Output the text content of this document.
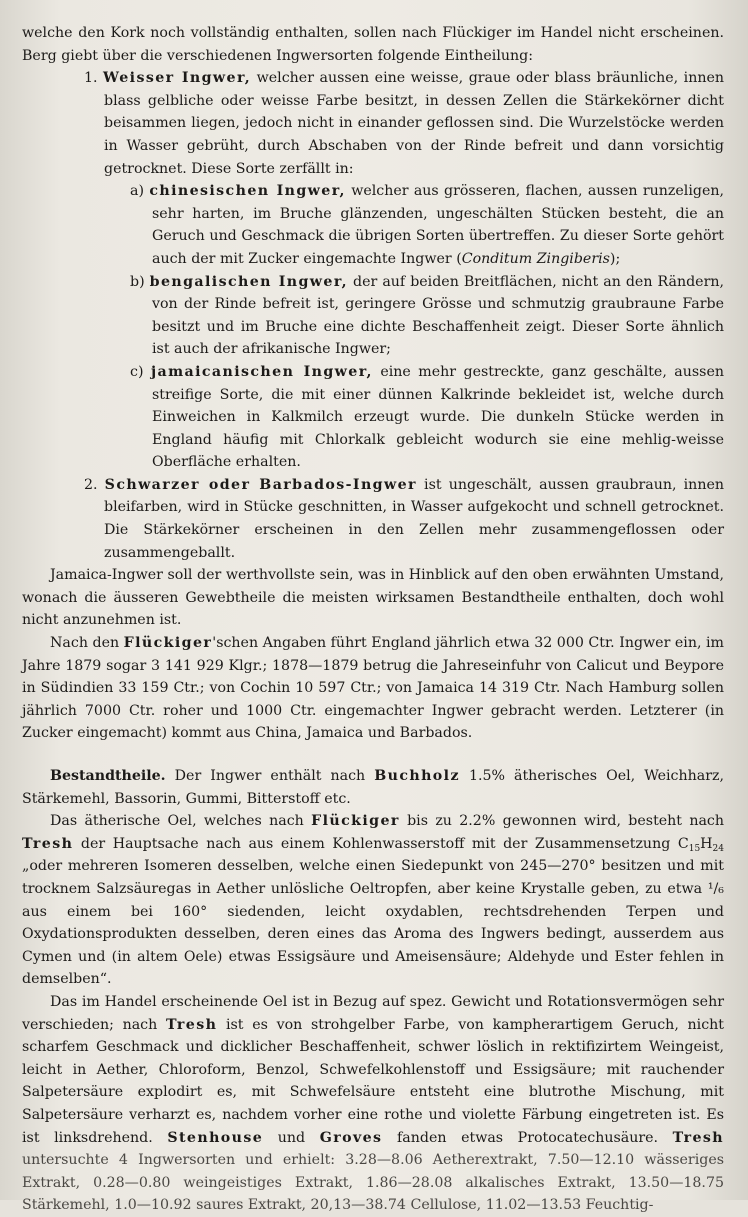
welche den Kork noch vollständig enthalten, sollen nach Flückiger im Handel nicht erscheinen. Berg giebt über die verschiedenen Ingwersorten folgende Eintheilung:

1. Weisser Ingwer, welcher aussen eine weisse, graue oder blass bräunliche, innen blass gelbliche oder weisse Farbe besitzt, in dessen Zellen die Stärkekörner dicht beisammen liegen, jedoch nicht in einander geflossen sind. Die Wurzelstöcke werden in Wasser gebrüht, durch Abschaben von der Rinde befreit und dann vorsichtig getrocknet. Diese Sorte zerfällt in:

a) chinesischen Ingwer, welcher aus grösseren, flachen, aussen runzeligen, sehr harten, im Bruche glänzenden, ungeschälten Stücken besteht, die an Geruch und Geschmack die übrigen Sorten übertreffen. Zu dieser Sorte gehört auch der mit Zucker eingemachte Ingwer (Conditum Zingiberis);

b) bengalischen Ingwer, der auf beiden Breitflächen, nicht an den Rändern, von der Rinde befreit ist, geringere Grösse und schmutzig graubraune Farbe besitzt und im Bruche eine dichte Beschaffenheit zeigt. Dieser Sorte ähnlich ist auch der afrikanische Ingwer;

c) jamaicanischen Ingwer, eine mehr gestreckte, ganz geschälte, aussen streifige Sorte, die mit einer dünnen Kalkrinde bekleidet ist, welche durch Einweichen in Kalkmilch erzeugt wurde. Die dunkeln Stücke werden in England häufig mit Chlorkalk gebleicht wodurch sie eine mehlig-weisse Oberfläche erhalten.

2. Schwarzer oder Barbados-Ingwer ist ungeschält, aussen graubraun, innen bleifarben, wird in Stücke geschnitten, in Wasser aufgekocht und schnell getrocknet. Die Stärkekörner erscheinen in den Zellen mehr zusammengeflossen oder zusammengeballt.

Jamaica-Ingwer soll der werthvollste sein, was in Hinblick auf den oben erwähnten Umstand, wonach die äusseren Gewebtheile die meisten wirksamen Bestandtheile enthalten, doch wohl nicht anzunehmen ist.

Nach den Flückiger'schen Angaben führt England jährlich etwa 32 000 Ctr. Ingwer ein, im Jahre 1879 sogar 3 141 929 Klgr.; 1878—1879 betrug die Jahreseinfuhr von Calicut und Beypore in Südindien 33 159 Ctr.; von Cochin 10 597 Ctr.; von Jamaica 14 319 Ctr. Nach Hamburg sollen jährlich 7000 Ctr. roher und 1000 Ctr. eingemachter Ingwer gebracht werden. Letzterer (in Zucker eingemacht) kommt aus China, Jamaica und Barbados.

Bestandtheile. Der Ingwer enthält nach Buchholz 1.5% ätherisches Oel, Weichharz, Stärkemehl, Bassorin, Gummi, Bitterstoff etc.

Das ätherische Oel, welches nach Flückiger bis zu 2.2% gewonnen wird, besteht nach Tresh der Hauptsache nach aus einem Kohlenwasserstoff mit der Zusammensetzung $C_{15}H_{24}$ „oder mehreren Isomeren desselben, welche einen Siedepunkt von 245—270° besitzen und mit trocknem Salzsäuregas in Aether unlösliche Oeltropfen, aber keine Krystalle geben, zu etwa ¹/₆ aus einem bei 160° siedenden, leicht oxydablen, rechtsdrehenden Terpen und Oxydationsprodukten desselben, deren eines das Aroma des Ingwers bedingt, ausserdem aus Cymen und (in altem Oele) etwas Essigsäure und Ameisensäure; Aldehyde und Ester fehlen in demselben“.

Das im Handel erscheinende Oel ist in Bezug auf spez. Gewicht und Rotationsvermögen sehr verschieden; nach Tresh ist es von strohgelber Farbe, von kampherartigem Geruch, nicht scharfem Geschmack und dicklicher Beschaffenheit, schwer löslich in rektifizirtem Weingeist, leicht in Aether, Chloroform, Benzol, Schwefelkohlenstoff und Essigsäure; mit rauchender Salpetersäure explodirt es, mit Schwefelsäure entsteht eine blutrothe Mischung, mit Salpetersäure verharzt es, nachdem vorher eine rothe und violette Färbung eingetreten ist. Es ist linksdrehend. Stenhouse und Groves fanden etwas Protocatechusäure. Tresh untersuchte 4 Ingwersorten und erhielt: 3.28—8.06 Aetherextrakt, 7.50—12.10 wässeriges Extrakt, 0.28—0.80 weingeistiges Extrakt, 1.86—28.08 alkalisches Extrakt, 13.50—18.75 Stärkemehl, 1.0—10.92 saures Extrakt, 20,13—38.74 Cellulose, 11.02—13.53 Feuchtig-
